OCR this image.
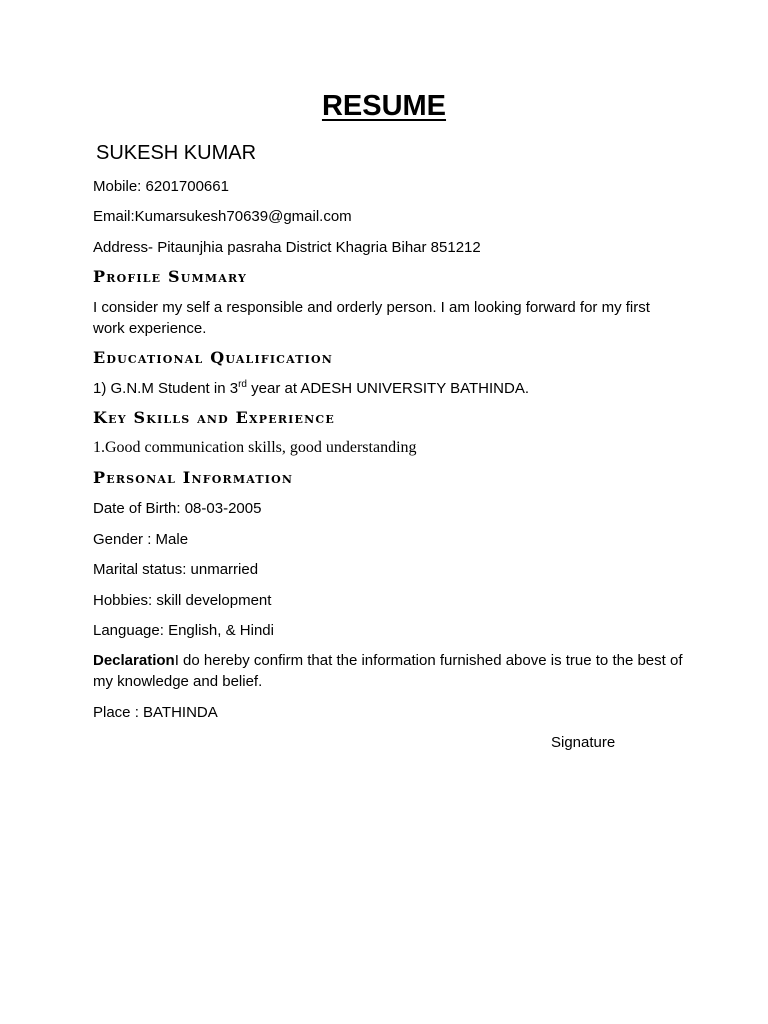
RESUME
SUKESH KUMAR

Mobile: 6201700661

Email:Kumarsukesh70639@gmail.com

Address- Pitaunjhia pasraha District Khagria Bihar 851212

Profile Summary

I consider my self a responsible and orderly person. I am looking forward for my first work experience.

Educational Qualification

1) G.N.M Student in 3rd year at ADESH UNIVERSITY BATHINDA.

Key Skills and Experience

1.Good communication skills, good understanding

Personal Information

Date of Birth: 08-03-2005

Gender : Male

Marital status: unmarried

Hobbies: skill development

Language: English, & Hindi

DeclarationI do hereby confirm that the information furnished above is true to the best of my knowledge and belief.

Place : BATHINDA

Signature
